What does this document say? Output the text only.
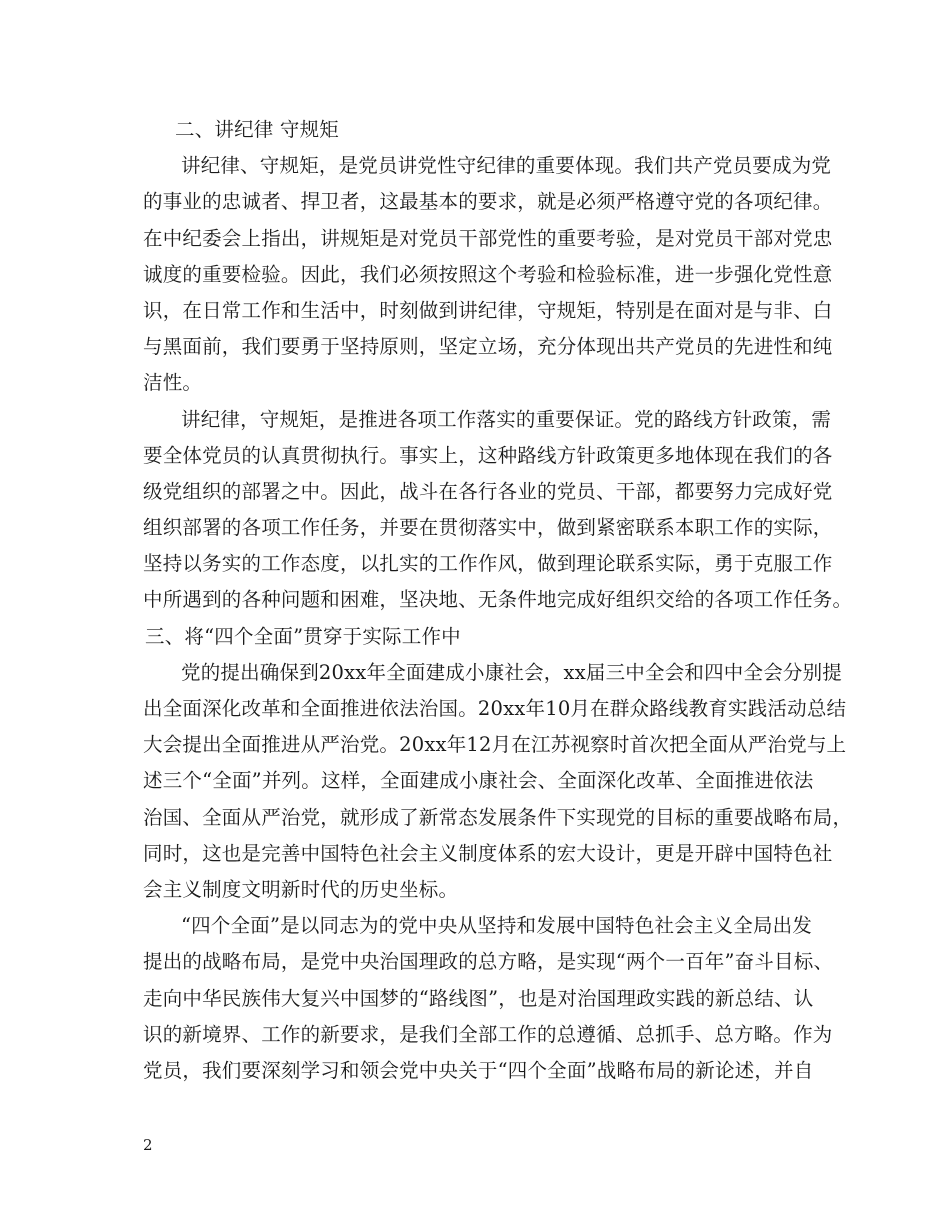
二、讲纪律 守规矩
讲纪律、守规矩，是党员讲党性守纪律的重要体现。我们共产党员要成为党
的事业的忠诚者、捍卫者，这最基本的要求，就是必须严格遵守党的各项纪律。
在中纪委会上指出，讲规矩是对党员干部党性的重要考验，是对党员干部对党忠
诚度的重要检验。因此，我们必须按照这个考验和检验标准，进一步强化党性意
识，在日常工作和生活中，时刻做到讲纪律，守规矩，特别是在面对是与非、白
与黑面前，我们要勇于坚持原则，坚定立场，充分体现出共产党员的先进性和纯
洁性。
讲纪律，守规矩，是推进各项工作落实的重要保证。党的路线方针政策，需
要全体党员的认真贯彻执行。事实上，这种路线方针政策更多地体现在我们的各
级党组织的部署之中。因此，战斗在各行各业的党员、干部，都要努力完成好党
组织部署的各项工作任务，并要在贯彻落实中，做到紧密联系本职工作的实际，
坚持以务实的工作态度，以扎实的工作作风，做到理论联系实际，勇于克服工作
中所遇到的各种问题和困难，坚决地、无条件地完成好组织交给的各项工作任务。
三、将“四个全面”贯穿于实际工作中
党的提出确保到20xx年全面建成小康社会，xx届三中全会和四中全会分别提
出全面深化改革和全面推进依法治国。20xx年10月在群众路线教育实践活动总结
大会提出全面推进从严治党。20xx年12月在江苏视察时首次把全面从严治党与上
述三个“全面”并列。这样，全面建成小康社会、全面深化改革、全面推进依法
治国、全面从严治党，就形成了新常态发展条件下实现党的目标的重要战略布局，
同时，这也是完善中国特色社会主义制度体系的宏大设计，更是开辟中国特色社
会主义制度文明新时代的历史坐标。
“四个全面”是以同志为的党中央从坚持和发展中国特色社会主义全局出发
提出的战略布局，是党中央治国理政的总方略，是实现“两个一百年”奋斗目标、
走向中华民族伟大复兴中国梦的“路线图”，也是对治国理政实践的新总结、认
识的新境界、工作的新要求，是我们全部工作的总遵循、总抓手、总方略。作为
党员，我们要深刻学习和领会党中央关于“四个全面”战略布局的新论述，并自
2
